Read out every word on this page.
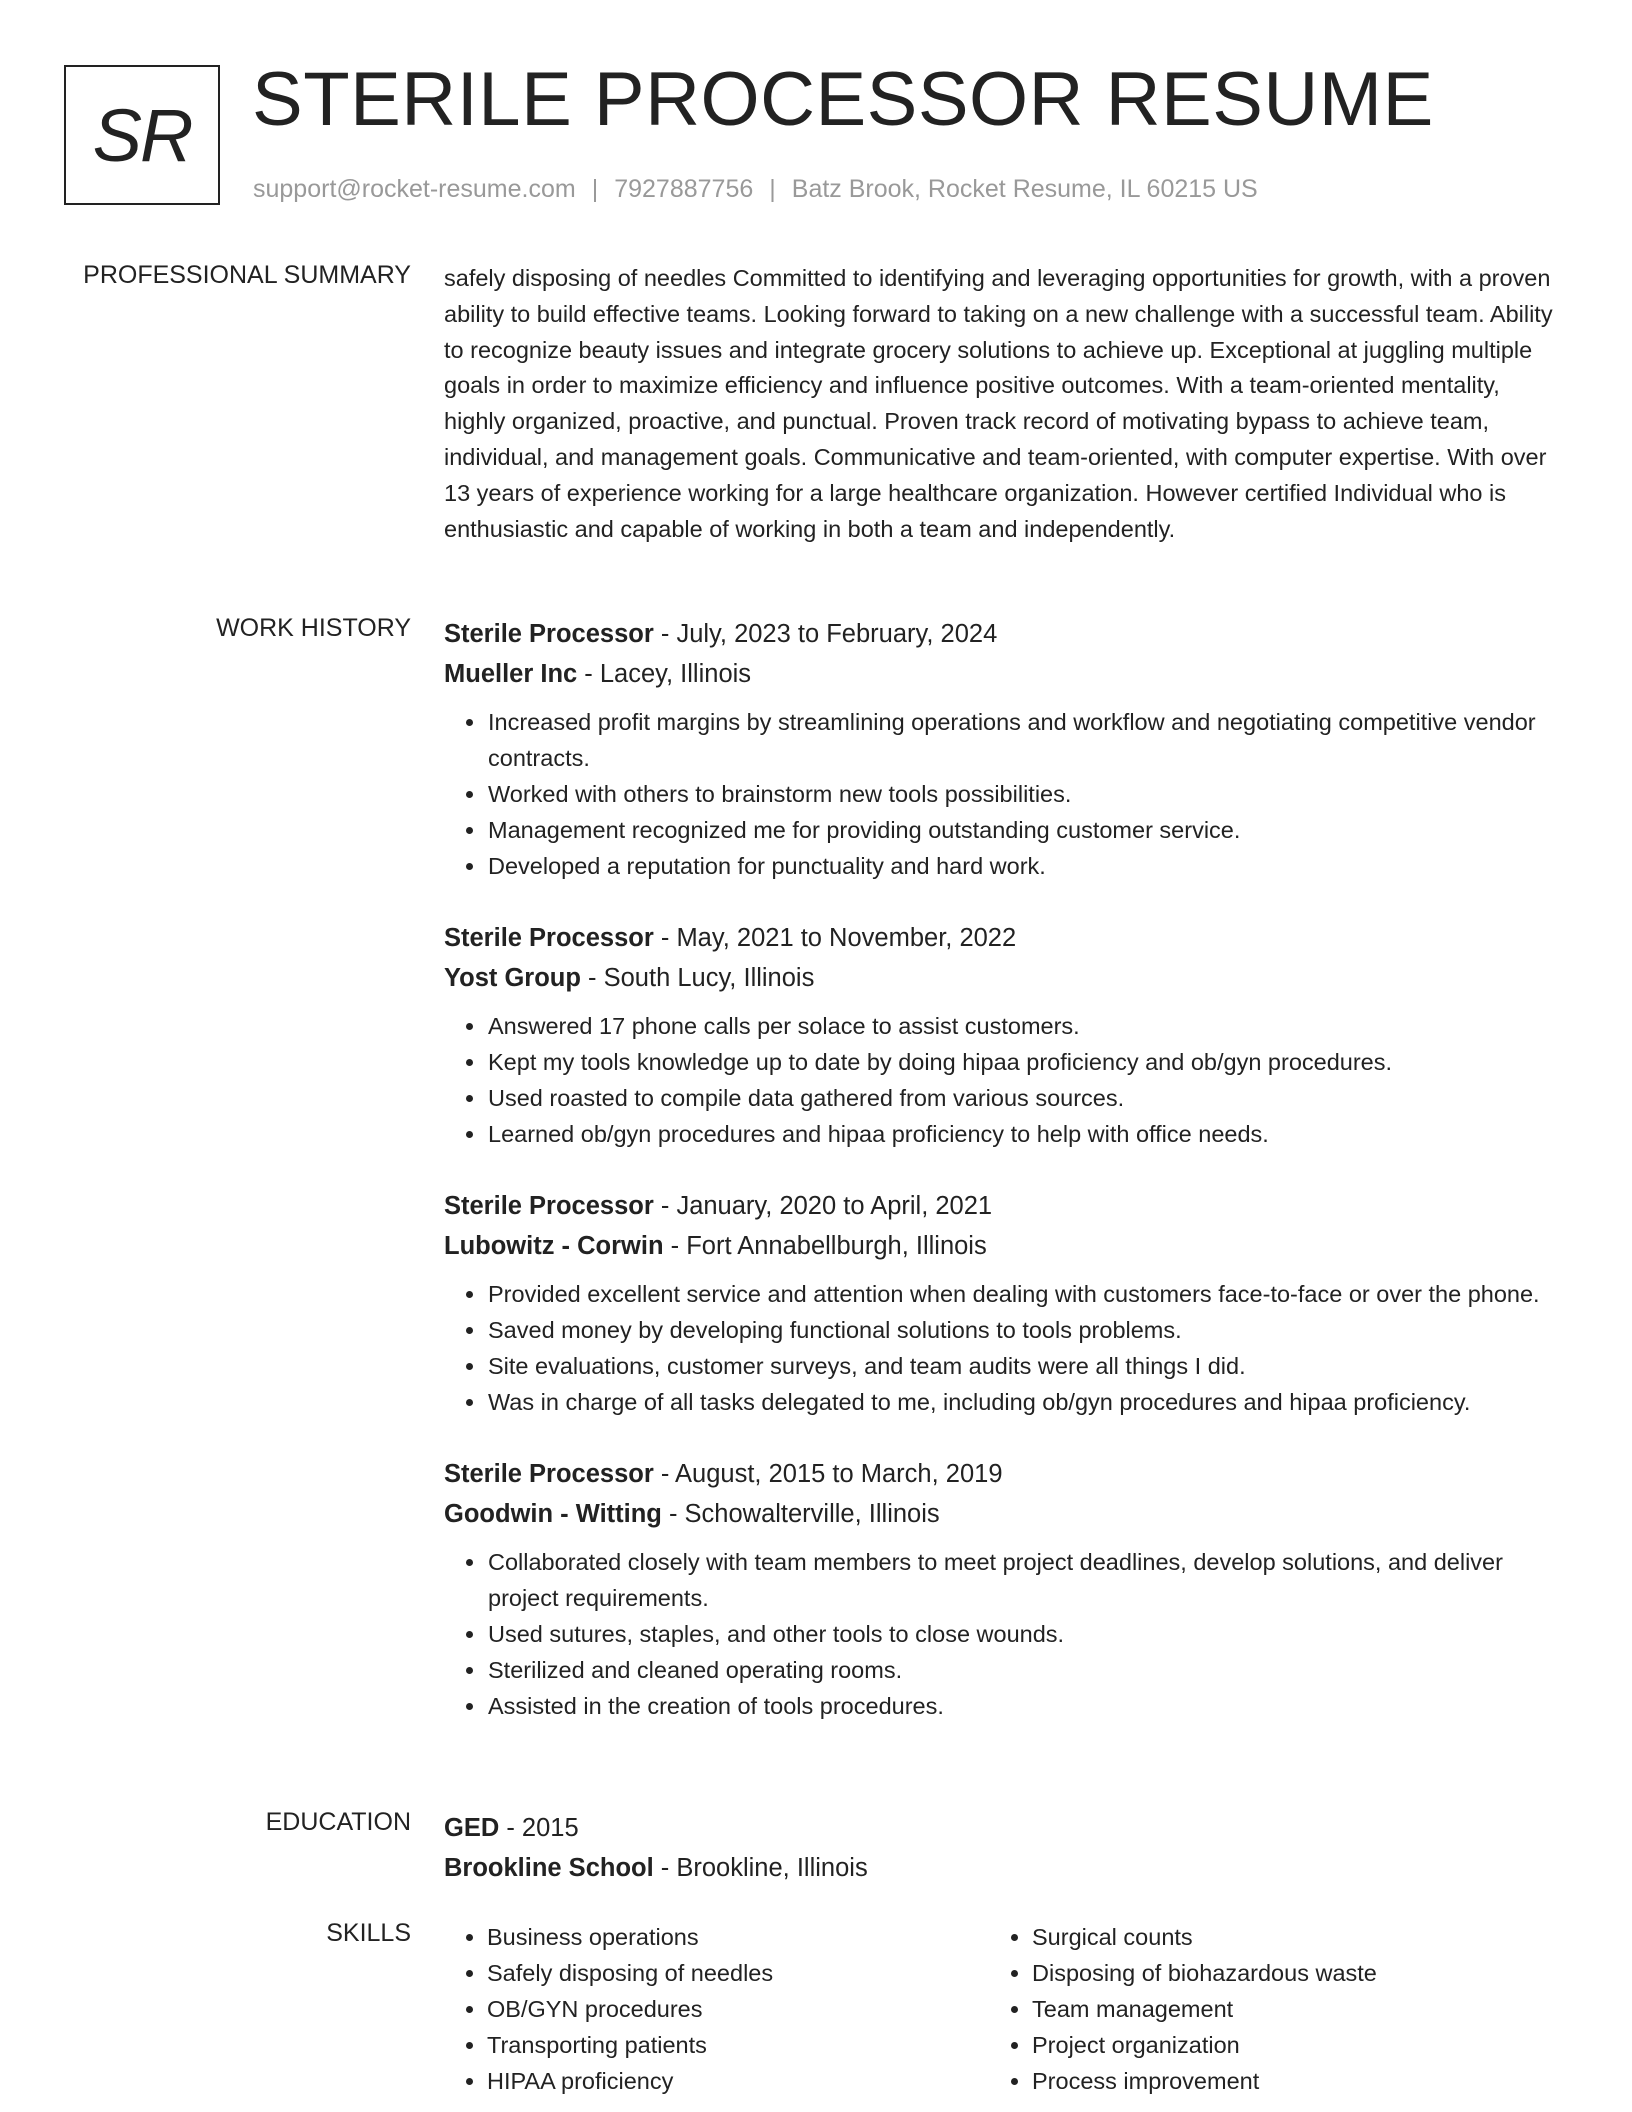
SR STERILE PROCESSOR RESUME
support@rocket-resume.com | 7927887756 | Batz Brook, Rocket Resume, IL 60215 US
PROFESSIONAL SUMMARY safely disposing of needles Committed to identifying and leveraging opportunities for growth, with a proven ability to build effective teams. Looking forward to taking on a new challenge with a successful team. Ability to recognize beauty issues and integrate grocery solutions to achieve up. Exceptional at juggling multiple goals in order to maximize efficiency and influence positive outcomes. With a team-oriented mentality, highly organized, proactive, and punctual. Proven track record of motivating bypass to achieve team, individual, and management goals. Communicative and team-oriented, with computer expertise. With over 13 years of experience working for a large healthcare organization. However certified Individual who is enthusiastic and capable of working in both a team and independently.

WORK HISTORY Sterile Processor - July, 2023 to February, 2024
Mueller Inc - Lacey, Illinois
• Increased profit margins by streamlining operations and workflow and negotiating competitive vendor contracts.
• Worked with others to brainstorm new tools possibilities.
• Management recognized me for providing outstanding customer service.
• Developed a reputation for punctuality and hard work.
Sterile Processor - May, 2021 to November, 2022
Yost Group - South Lucy, Illinois
• Answered 17 phone calls per solace to assist customers.
• Kept my tools knowledge up to date by doing hipaa proficiency and ob/gyn procedures.
• Used roasted to compile data gathered from various sources.
• Learned ob/gyn procedures and hipaa proficiency to help with office needs.
Sterile Processor - January, 2020 to April, 2021
Lubowitz - Corwin - Fort Annabellburgh, Illinois
• Provided excellent service and attention when dealing with customers face-to-face or over the phone.
• Saved money by developing functional solutions to tools problems.
• Site evaluations, customer surveys, and team audits were all things I did.
• Was in charge of all tasks delegated to me, including ob/gyn procedures and hipaa proficiency.
Sterile Processor - August, 2015 to March, 2019
Goodwin - Witting - Schowalterville, Illinois
• Collaborated closely with team members to meet project deadlines, develop solutions, and deliver project requirements.
• Used sutures, staples, and other tools to close wounds.
• Sterilized and cleaned operating rooms.
• Assisted in the creation of tools procedures.
EDUCATION GED - 2015
Brookline School - Brookline, Illinois
SKILLS
•	Business operations
• Safely disposing of needles
• OB/GYN procedures
• Transporting patients
• HIPAA proficiency
• Surgical counts
• Disposing of biohazardous waste
• Team management
• Project organization
• Process improvement
